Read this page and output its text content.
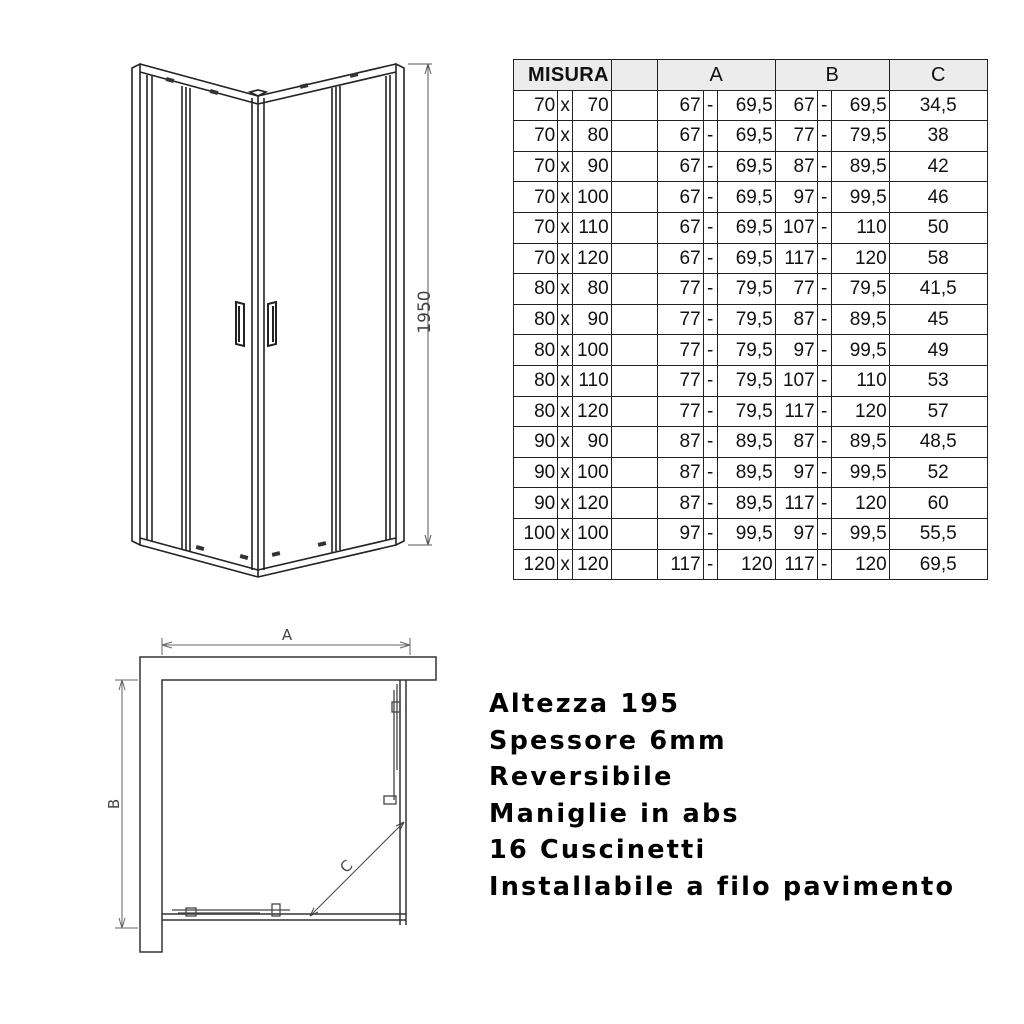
1950
A
B
C
MISURA				A			B			C
70	x	70		67	-	69,5	67	-	69,5	34,5
70	x	80		67	-	69,5	77	-	79,5	38
70	x	90		67	-	69,5	87	-	89,5	42
70	x	100		67	-	69,5	97	-	99,5	46
70	x	110		67	-	69,5	107	-	110	50
70	x	120		67	-	69,5	117	-	120	58
80	x	80		77	-	79,5	77	-	79,5	41,5
80	x	90		77	-	79,5	87	-	89,5	45
80	x	100		77	-	79,5	97	-	99,5	49
80	x	110		77	-	79,5	107	-	110	53
80	x	120		77	-	79,5	117	-	120	57
90	x	90		87	-	89,5	87	-	89,5	48,5
90	x	100		87	-	89,5	97	-	99,5	52
90	x	120		87	-	89,5	117	-	120	60
100	x	100		97	-	99,5	97	-	99,5	55,5
120	x	120		117	-	120	117	-	120	69,5
Altezza 195
Spessore 6mm
Reversibile
Maniglie in abs
16 Cuscinetti
Installabile a filo pavimento
